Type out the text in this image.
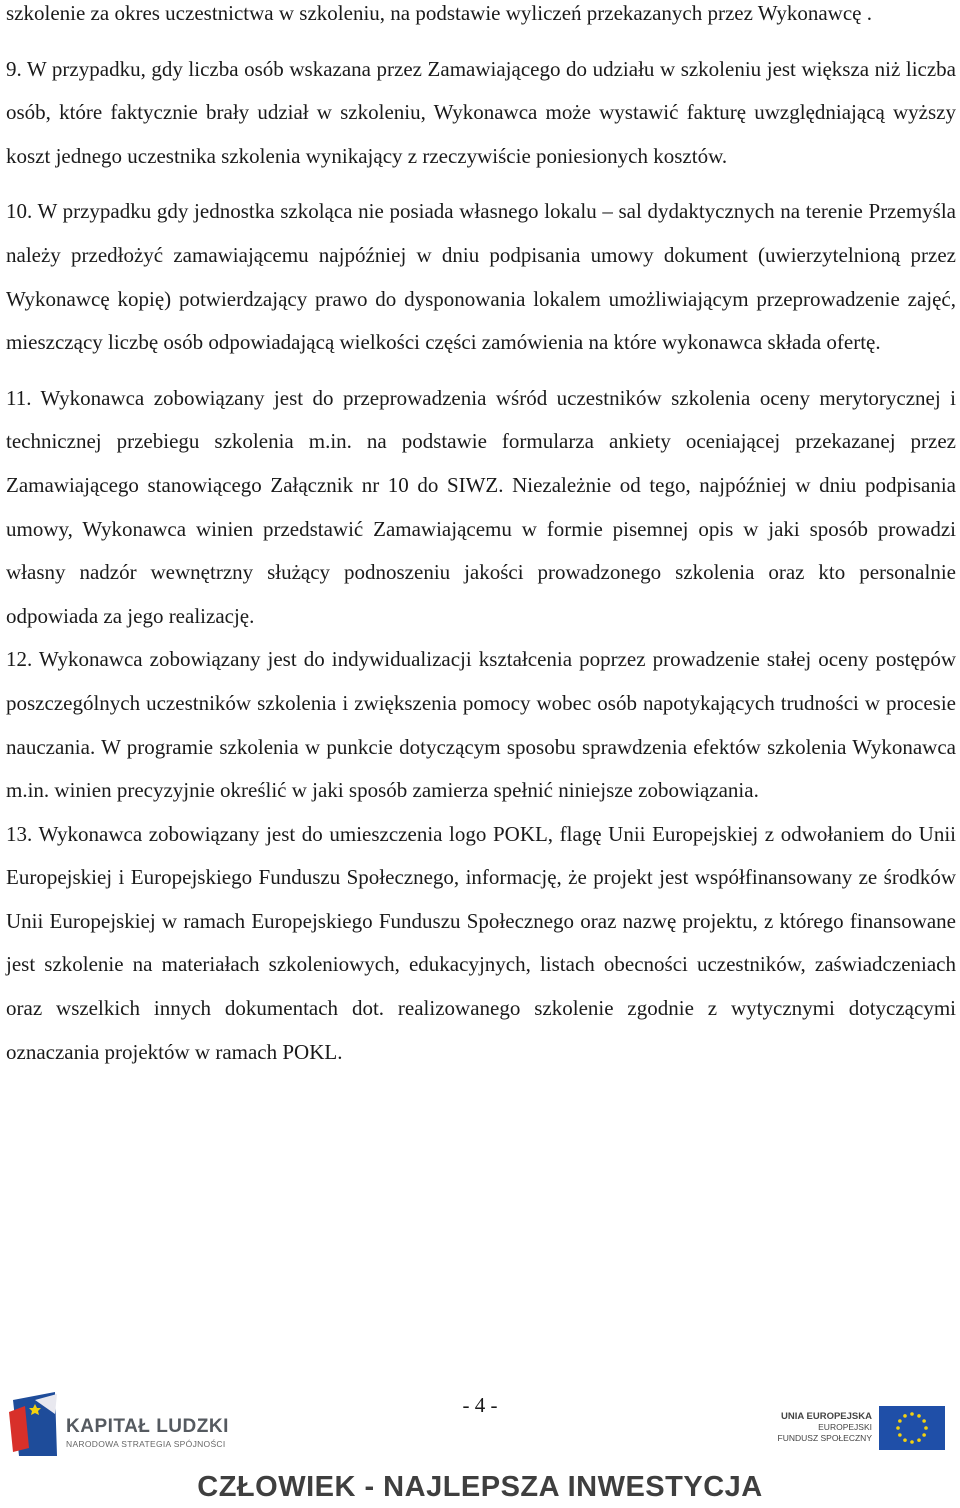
szkolenie za okres uczestnictwa w szkoleniu, na podstawie wyliczeń przekazanych przez Wykonawcę .

9. W przypadku, gdy liczba osób wskazana przez Zamawiającego do udziału w szkoleniu jest większa niż liczba osób, które faktycznie brały udział w szkoleniu, Wykonawca może wystawić fakturę uwzględniającą wyższy koszt jednego uczestnika szkolenia wynikający z rzeczywiście poniesionych kosztów.

10. W przypadku gdy jednostka szkoląca nie posiada własnego lokalu – sal dydaktycznych na terenie Przemyśla należy przedłożyć zamawiającemu najpóźniej w dniu podpisania umowy dokument (uwierzytelnioną przez Wykonawcę kopię) potwierdzający prawo do dysponowania lokalem umożliwiającym przeprowadzenie zajęć, mieszczący liczbę osób odpowiadającą wielkości części zamówienia na które wykonawca składa ofertę.

11. Wykonawca zobowiązany jest do przeprowadzenia wśród uczestników szkolenia oceny merytorycznej i technicznej przebiegu szkolenia m.in. na podstawie formularza ankiety oceniającej przekazanej przez Zamawiającego stanowiącego Załącznik nr 10 do SIWZ. Niezależnie od tego, najpóźniej w dniu podpisania umowy, Wykonawca winien przedstawić Zamawiającemu w formie pisemnej opis w jaki sposób prowadzi własny nadzór wewnętrzny służący podnoszeniu jakości prowadzonego szkolenia oraz kto personalnie odpowiada za jego realizację.

12. Wykonawca zobowiązany jest do indywidualizacji kształcenia poprzez prowadzenie stałej oceny postępów poszczególnych uczestników szkolenia i zwiększenia pomocy wobec osób napotykających trudności w procesie nauczania. W programie szkolenia w punkcie dotyczącym sposobu sprawdzenia efektów szkolenia Wykonawca m.in. winien precyzyjnie określić w jaki sposób zamierza spełnić niniejsze zobowiązania.

13. Wykonawca zobowiązany jest do umieszczenia logo POKL, flagę Unii Europejskiej z odwołaniem do Unii Europejskiej i Europejskiego Funduszu Społecznego, informację, że projekt jest współfinansowany ze środków Unii Europejskiej w ramach Europejskiego Funduszu Społecznego oraz nazwę projektu, z którego finansowane jest szkolenie na materiałach szkoleniowych, edukacyjnych, listach obecności uczestników, zaświadczeniach oraz wszelkich innych dokumentach dot. realizowanego szkolenie zgodnie z wytycznymi dotyczącymi oznaczania projektów w ramach POKL.

- 4 -
KAPITAŁ LUDZKI
NARODOWA STRATEGIA SPÓJNOŚCI
UNIA EUROPEJSKA
EUROPEJSKI
FUNDUSZ SPOŁECZNY
CZŁOWIEK - NAJLEPSZA INWESTYCJA
